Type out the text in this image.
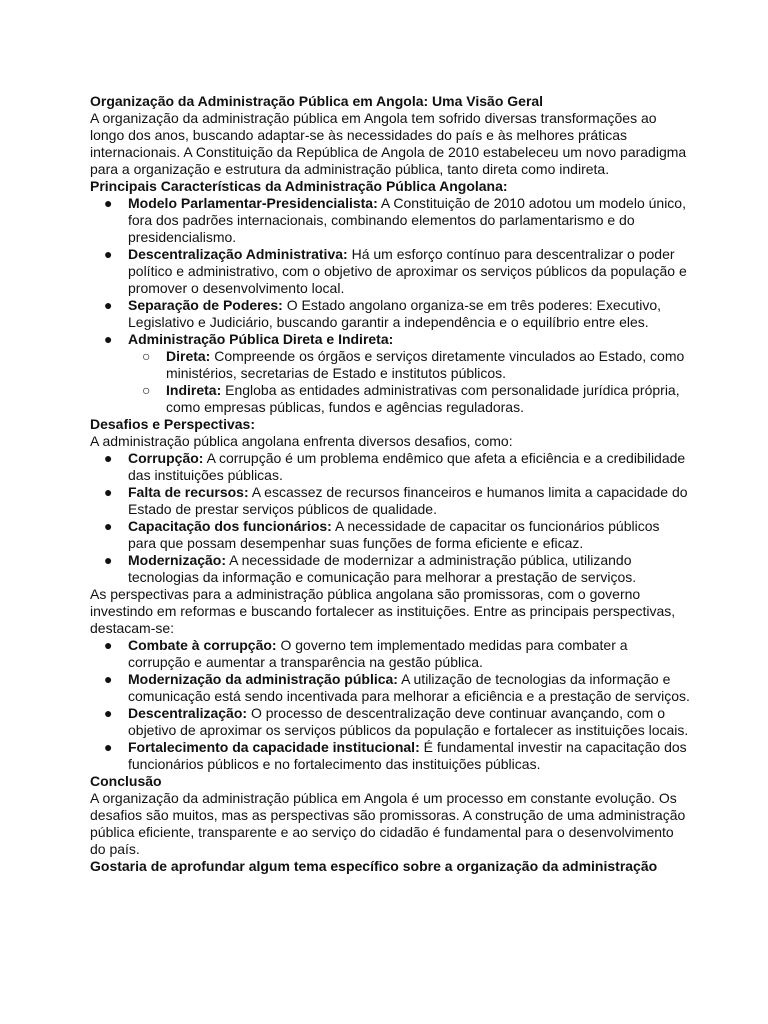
Organização da Administração Pública em Angola: Uma Visão Geral

A organização da administração pública em Angola tem sofrido diversas transformações ao longo dos anos, buscando adaptar-se às necessidades do país e às melhores práticas internacionais. A Constituição da República de Angola de 2010 estabeleceu um novo paradigma para a organização e estrutura da administração pública, tanto direta como indireta.

Principais Características da Administração Pública Angolana:

● Modelo Parlamentar-Presidencialista: A Constituição de 2010 adotou um modelo único, fora dos padrões internacionais, combinando elementos do parlamentarismo e do presidencialismo.
● Descentralização Administrativa: Há um esforço contínuo para descentralizar o poder político e administrativo, com o objetivo de aproximar os serviços públicos da população e promover o desenvolvimento local.
● Separação de Poderes: O Estado angolano organiza-se em três poderes: Executivo, Legislativo e Judiciário, buscando garantir a independência e o equilíbrio entre eles.
● Administração Pública Direta e Indireta:
○ Direta: Compreende os órgãos e serviços diretamente vinculados ao Estado, como ministérios, secretarias de Estado e institutos públicos.
○ Indireta: Engloba as entidades administrativas com personalidade jurídica própria, como empresas públicas, fundos e agências reguladoras.

Desafios e Perspectivas:

A administração pública angolana enfrenta diversos desafios, como:

● Corrupção: A corrupção é um problema endêmico que afeta a eficiência e a credibilidade das instituições públicas.
● Falta de recursos: A escassez de recursos financeiros e humanos limita a capacidade do Estado de prestar serviços públicos de qualidade.
● Capacitação dos funcionários: A necessidade de capacitar os funcionários públicos para que possam desempenhar suas funções de forma eficiente e eficaz.
● Modernização: A necessidade de modernizar a administração pública, utilizando tecnologias da informação e comunicação para melhorar a prestação de serviços.

As perspectivas para a administração pública angolana são promissoras, com o governo investindo em reformas e buscando fortalecer as instituições. Entre as principais perspectivas, destacam-se:

● Combate à corrupção: O governo tem implementado medidas para combater a corrupção e aumentar a transparência na gestão pública.
● Modernização da administração pública: A utilização de tecnologias da informação e comunicação está sendo incentivada para melhorar a eficiência e a prestação de serviços.
● Descentralização: O processo de descentralização deve continuar avançando, com o objetivo de aproximar os serviços públicos da população e fortalecer as instituições locais.
● Fortalecimento da capacidade institucional: É fundamental investir na capacitação dos funcionários públicos e no fortalecimento das instituições públicas.

Conclusão

A organização da administração pública em Angola é um processo em constante evolução. Os desafios são muitos, mas as perspectivas são promissoras. A construção de uma administração pública eficiente, transparente e ao serviço do cidadão é fundamental para o desenvolvimento do país.

Gostaria de aprofundar algum tema específico sobre a organização da administração
